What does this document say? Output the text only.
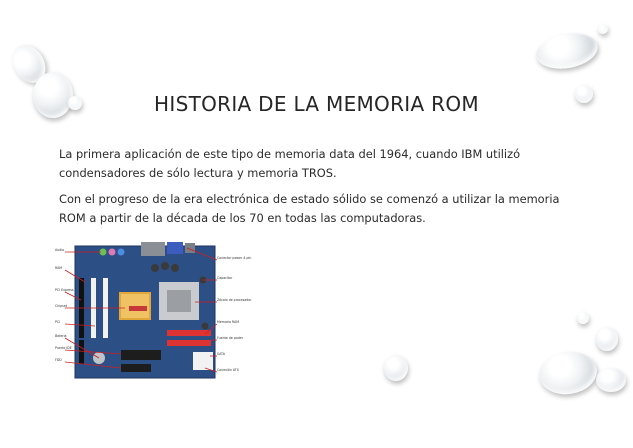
HISTORIA DE LA MEMORIA ROM

La primera aplicación de este tipo de memoria data del 1964, cuando IBM utilizó condensadores de sólo lectura y memoria TROS.

Con el progreso de la era electrónica de estado sólido se comenzó a utilizar la memoria ROM a partir de la década de los 70 en todas las computadoras.

Audio
RAM
PCI Express
Chipset
PCI
Batería
Puerto IDE
FDD
Conector power 4-pin
Capacitor
Zócalo de procesador
Memoria RAM
Fuente de poder
SATA
Conexión ATX
